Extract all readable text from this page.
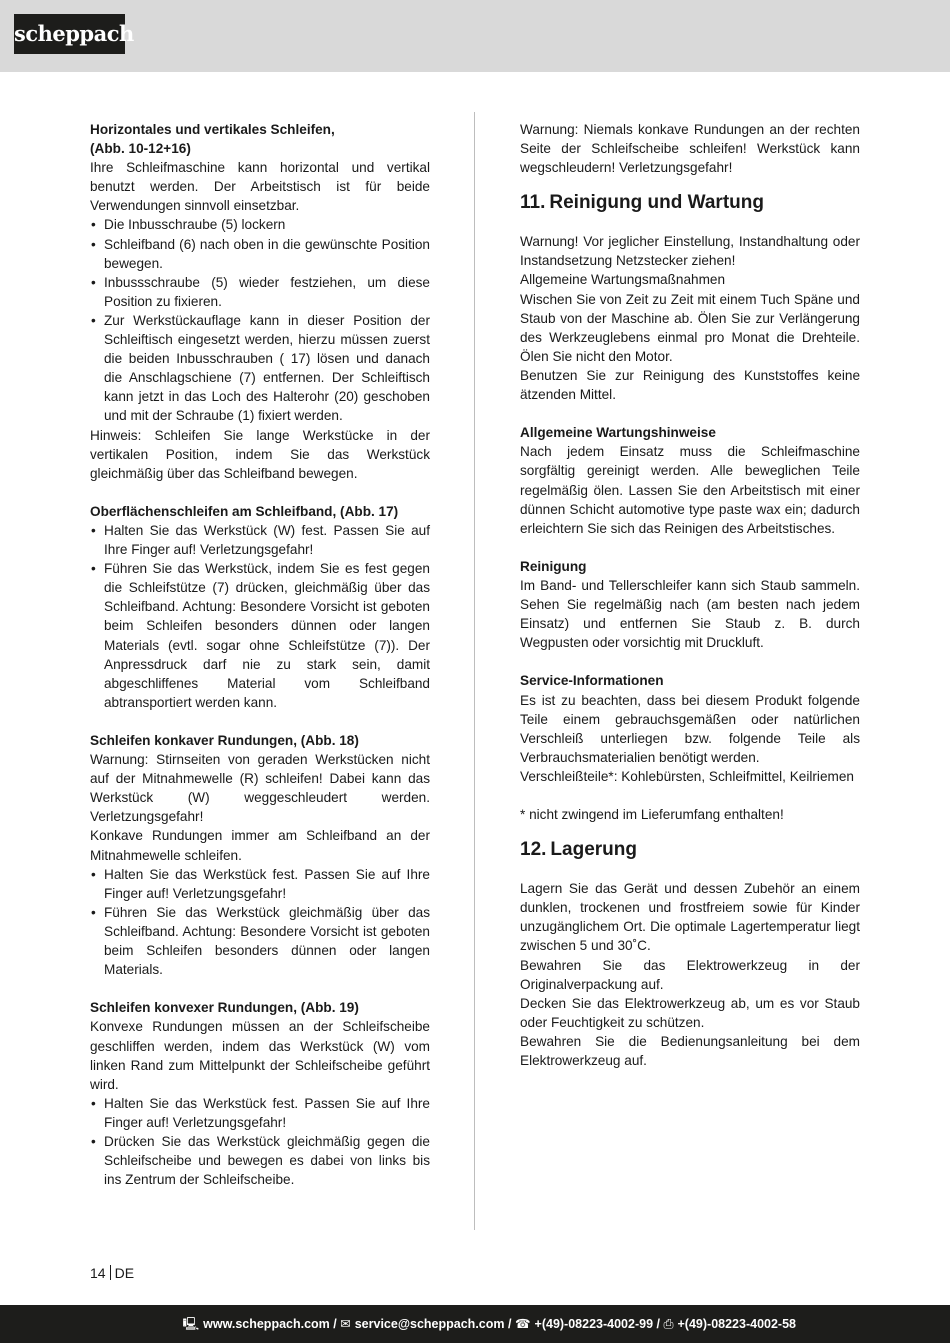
scheppach
Horizontales und vertikales Schleifen,
(Abb. 10-12+16)
Ihre Schleifmaschine kann horizontal und vertikal benutzt werden. Der Arbeitstisch ist für beide Verwendungen sinnvoll einsetzbar.
• Die Inbusschraube (5) lockern
• Schleifband (6) nach oben in die gewünschte Position bewegen.
• Inbussschraube (5) wieder festziehen, um diese Position zu fixieren.
• Zur Werkstückauflage kann in dieser Position der Schleiftisch eingesetzt werden, hierzu müssen zuerst die beiden Inbusschrauben ( 17) lösen und danach die Anschlagschiene (7) entfernen. Der Schleiftisch kann jetzt in das Loch des Halterohr (20) geschoben und mit der Schraube (1) fixiert werden.
Hinweis: Schleifen Sie lange Werkstücke in der vertikalen Position, indem Sie das Werkstück gleichmäßig über das Schleifband bewegen.
Oberflächenschleifen am Schleifband, (Abb. 17)
• Halten Sie das Werkstück (W) fest. Passen Sie auf Ihre Finger auf! Verletzungsgefahr!
• Führen Sie das Werkstück, indem Sie es fest gegen die Schleifstütze (7) drücken, gleichmäßig über das Schleifband. Achtung: Besondere Vorsicht ist geboten beim Schleifen besonders dünnen oder langen Materials (evtl. sogar ohne Schleifstütze (7)). Der Anpressdruck darf nie zu stark sein, damit abgeschliffenes Material vom Schleifband abtransportiert werden kann.
Schleifen konkaver Rundungen, (Abb. 18)
Warnung: Stirnseiten von geraden Werkstücken nicht auf der Mitnahmewelle (R) schleifen! Dabei kann das Werkstück (W) weggeschleudert werden. Verletzungsgefahr!
Konkave Rundungen immer am Schleifband an der Mitnahmewelle schleifen.
• Halten Sie das Werkstück fest. Passen Sie auf Ihre Finger auf! Verletzungsgefahr!
• Führen Sie das Werkstück gleichmäßig über das Schleifband. Achtung: Besondere Vorsicht ist geboten beim Schleifen besonders dünnen oder langen Materials.
Schleifen konvexer Rundungen, (Abb. 19)
Konvexe Rundungen müssen an der Schleifscheibe geschliffen werden, indem das Werkstück (W) vom linken Rand zum Mittelpunkt der Schleifscheibe geführt wird.
• Halten Sie das Werkstück fest. Passen Sie auf Ihre Finger auf! Verletzungsgefahr!
• Drücken Sie das Werkstück gleichmäßig gegen die Schleifscheibe und bewegen es dabei von links bis ins Zentrum der Schleifscheibe.
Warnung: Niemals konkave Rundungen an der rechten Seite der Schleifscheibe schleifen! Werkstück kann wegschleudern! Verletzungsgefahr!
11. Reinigung und Wartung
Warnung! Vor jeglicher Einstellung, Instandhaltung oder Instandsetzung Netzstecker ziehen!
Allgemeine Wartungsmaßnahmen
Wischen Sie von Zeit zu Zeit mit einem Tuch Späne und Staub von der Maschine ab. Ölen Sie zur Verlängerung des Werkzeuglebens einmal pro Monat die Drehteile. Ölen Sie nicht den Motor.
Benutzen Sie zur Reinigung des Kunststoffes keine ätzenden Mittel.
Allgemeine Wartungshinweise
Nach jedem Einsatz muss die Schleifmaschine sorgfältig gereinigt werden. Alle beweglichen Teile regelmäßig ölen. Lassen Sie den Arbeitstisch mit einer dünnen Schicht automotive type paste wax ein; dadurch erleichtern Sie sich das Reinigen des Arbeitstisches.
Reinigung
Im Band- und Tellerschleifer kann sich Staub sammeln. Sehen Sie regelmäßig nach (am besten nach jedem Einsatz) und entfernen Sie Staub z. B. durch Wegpusten oder vorsichtig mit Druckluft.
Service-Informationen
Es ist zu beachten, dass bei diesem Produkt folgende Teile einem gebrauchsgemäßen oder natürlichen Verschleiß unterliegen bzw. folgende Teile als Verbrauchsmaterialien benötigt werden.
Verschleißteile*: Kohlebürsten, Schleifmittel, Keilriemen
* nicht zwingend im Lieferumfang enthalten!
12. Lagerung
Lagern Sie das Gerät und dessen Zubehör an einem dunklen, trockenen und frostfreiem sowie für Kinder unzugänglichem Ort. Die optimale Lagertemperatur liegt zwischen 5 und 30˚C.
Bewahren Sie das Elektrowerkzeug in der Originalverpackung auf.
Decken Sie das Elektrowerkzeug ab, um es vor Staub oder Feuchtigkeit zu schützen.
Bewahren Sie die Bedienungsanleitung bei dem Elektrowerkzeug auf.
14 DE
🖳 www.scheppach.com / ✉ service@scheppach.com / ☎ +(49)-08223-4002-99 / ⎙ +(49)-08223-4002-58
